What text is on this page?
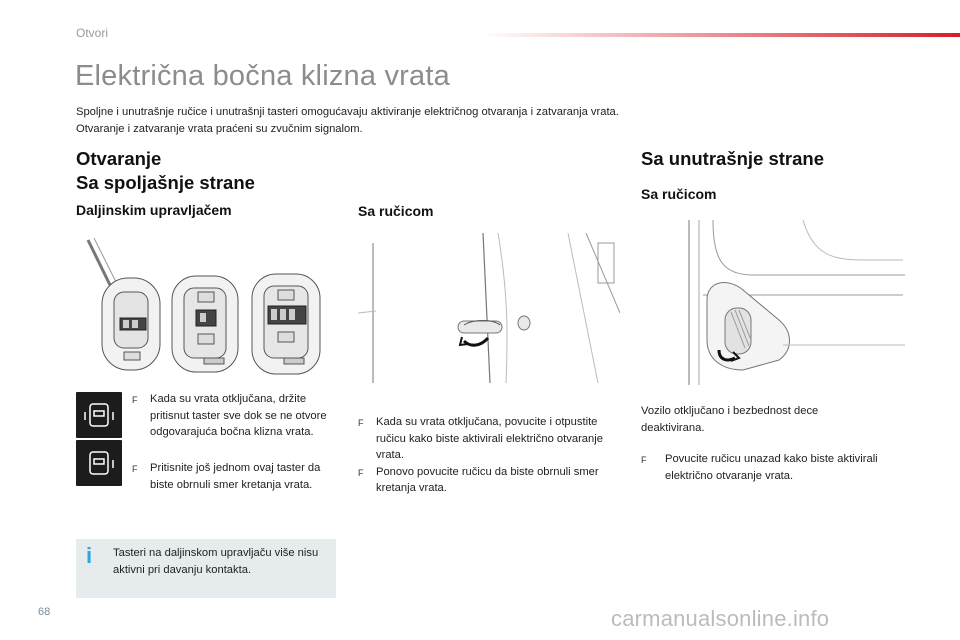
Otvori
Električna bočna klizna vrata
Spoljne i unutrašnje ručice i unutrašnji tasteri omogućavaju aktiviranje električnog otvaranja i zatvaranja vrata.
Otvaranje i zatvaranje vrata praćeni su zvučnim signalom.
Otvaranje
Sa spoljašnje strane
Daljinskim upravljačem
F	Kada su vrata otključana, držite pritisnut taster sve dok se ne otvore odgovarajuća bočna klizna vrata.
F	Pritisnite još jednom ovaj taster da biste obrnuli smer kretanja vrata.
i Tasteri na daljinskom upravljaču više nisu aktivni pri davanju kontakta.
Sa ručicom
F	Kada su vrata otključana, povucite i otpustite ručicu kako biste aktivirali električno otvaranje vrata.
F	Ponovo povucite ručicu da biste obrnuli smer kretanja vrata.
Sa unutrašnje strane
Sa ručicom
Vozilo otključano i bezbednost dece deaktivirana.
F	Povucite ručicu unazad kako biste aktivirali električno otvaranje vrata.
68	carmanualsonline.info
